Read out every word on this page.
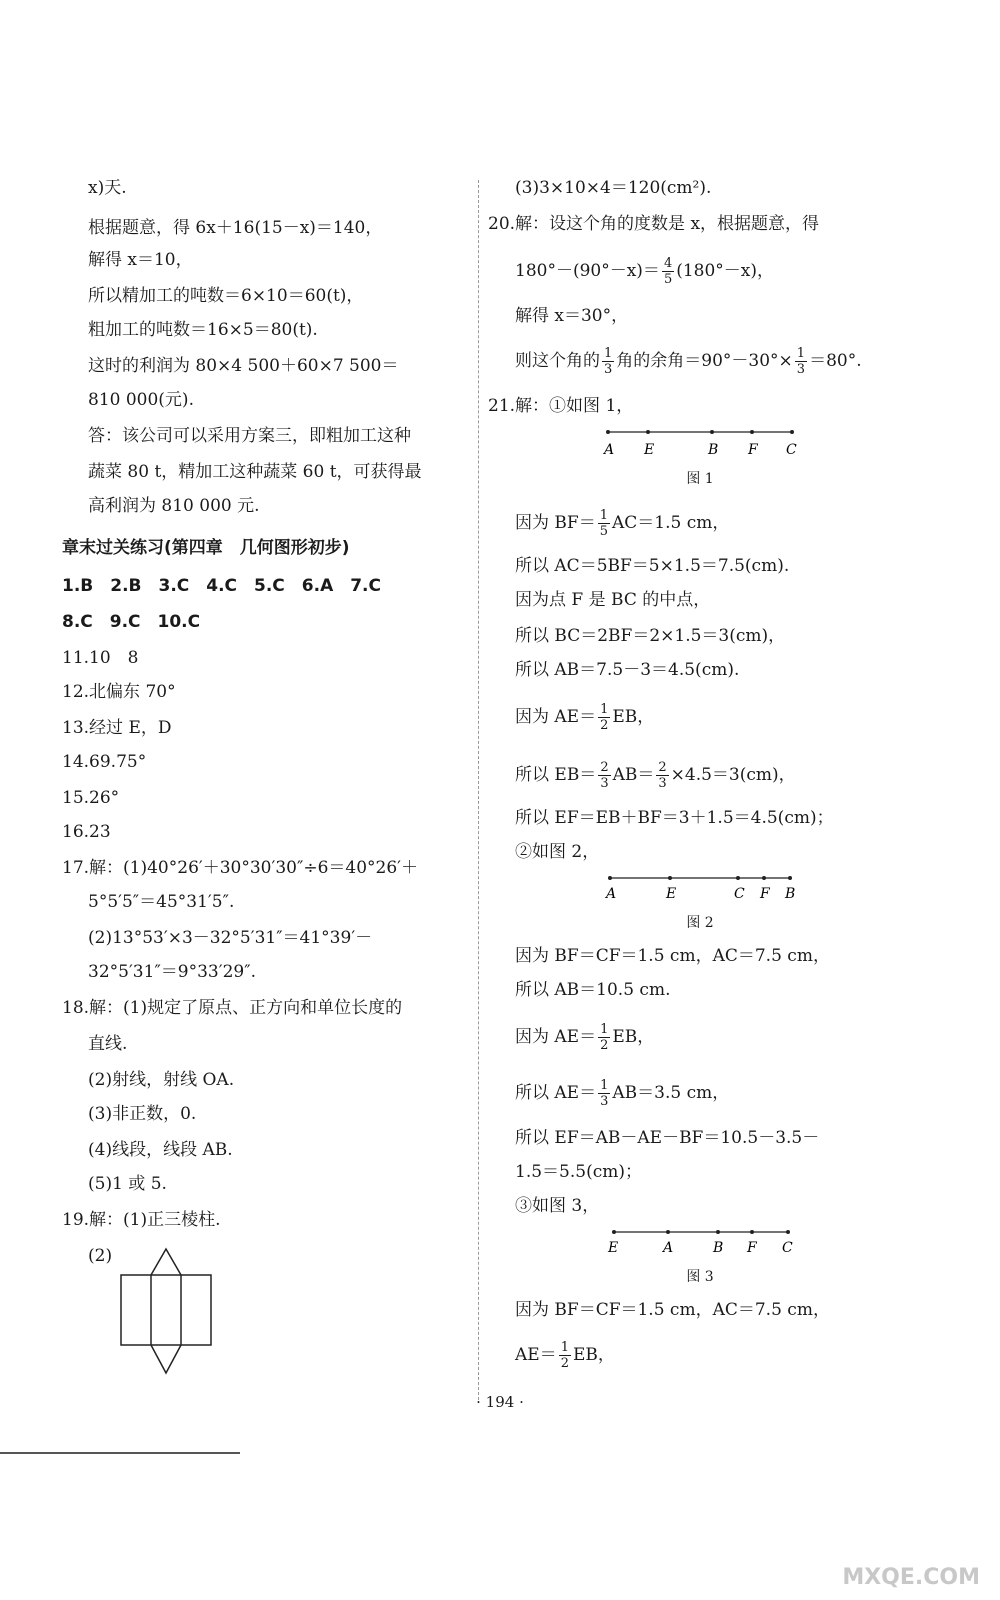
x)天.
根据题意，得 6x＋16(15－x)＝140，
解得 x＝10，
所以精加工的吨数＝6×10＝60(t)，
粗加工的吨数＝16×5＝80(t).
这时的利润为 80×4 500＋60×7 500＝
810 000(元).
答：该公司可以采用方案三，即粗加工这种
蔬菜 80 t，精加工这种蔬菜 60 t，可获得最
高利润为 810 000 元.
章末过关练习(第四章　几何图形初步)
1.B　2.B　3.C　4.C　5.C　6.A　7.C
8.C　9.C　10.C
11.10　8
12.北偏东 70°
13.经过 E，D
14.69.75°
15.26°
16.23
17.解：(1)40°26′＋30°30′30″÷6＝40°26′＋
5°5′5″＝45°31′5″.
(2)13°53′×3－32°5′31″＝41°39′－
32°5′31″＝9°33′29″.
18.解：(1)规定了原点、正方向和单位长度的
直线.
(2)射线，射线 OA.
(3)非正数，0.
(4)线段，线段 AB.
(5)1 或 5.
19.解：(1)正三棱柱.
(2)
(3)3×10×4＝120(cm²).
20.解：设这个角的度数是 x，根据题意，得
$180^\circ-(90^\circ-x)= \frac{4}{5} (180^\circ-x)$，
解得 x＝30°，
则这个角的 $\frac{1}{3}$ 角的余角$=90^\circ-30^\circ\times \frac{1}{3} =80^\circ$.
21.解：①如图 1，
A E	B F C
图 1
因为 $BF= \frac{1}{5} AC=1.5$ cm，
所以 AC＝5BF＝5×1.5＝7.5(cm).
因为点 F 是 BC 的中点，
所以 BC＝2BF＝2×1.5＝3(cm)，
所以 AB＝7.5－3＝4.5(cm).
因为 $AE= \frac{1}{2}$ EB，
所以 $EB= \frac{2}{3} AB= \frac{2}{3} \times 4.5=3(cm)$，
所以 EF＝EB＋BF＝3＋1.5＝4.5(cm)；
②如图 2，
A	E	C F B
图 2
因为 BF＝CF＝1.5 cm，AC＝7.5 cm，
所以 AB＝10.5 cm.
因为 $AE= \frac{1}{2}$ EB，
所以 $AE= \frac{1}{3} AB=3.5$ cm，
所以 EF＝AB－AE－BF＝10.5－3.5－
1.5＝5.5(cm)；
③如图 3，
E	A	B F C
图 3
因为 BF＝CF＝1.5 cm，AC＝7.5 cm，
$AE= \frac{1}{2}$ EB，
· 194 ·
MXQE.COM
